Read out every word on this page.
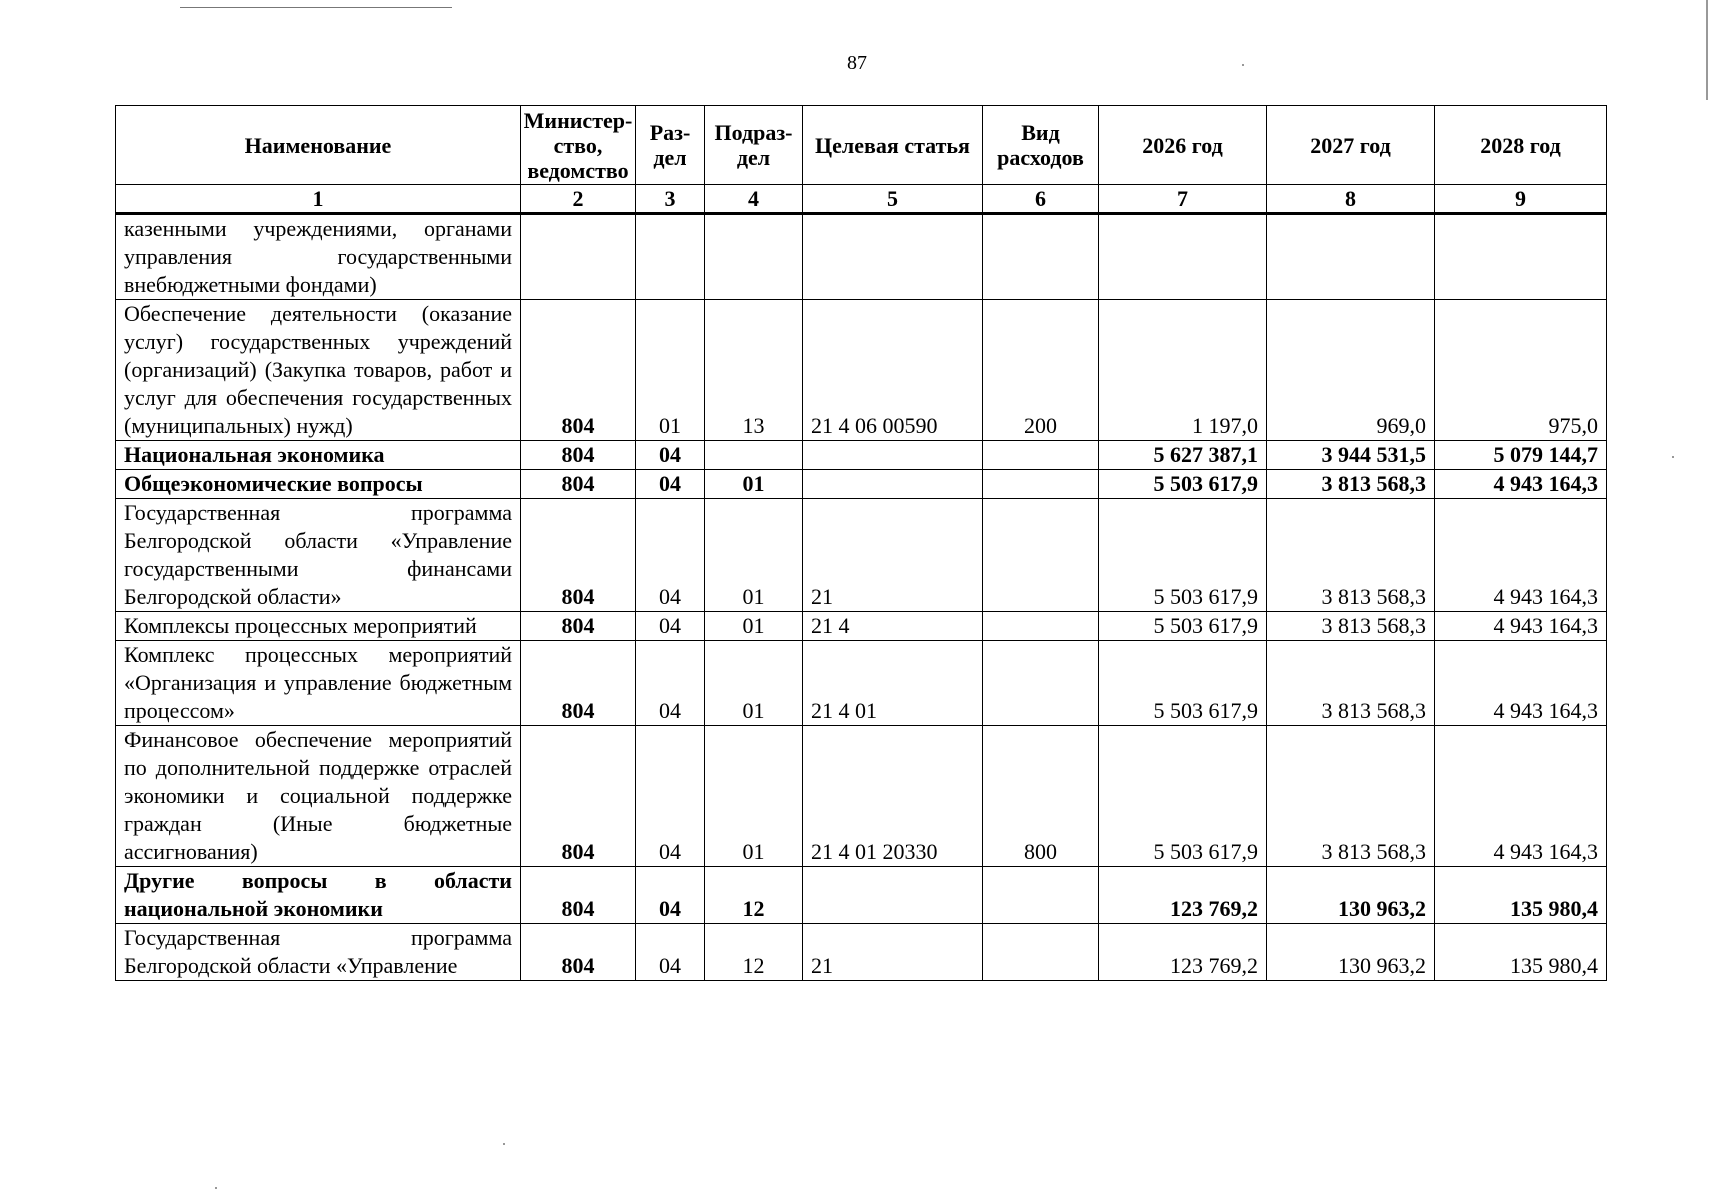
87
Наименование	Министер-ство, ведомство	Раз-дел	Подраз-дел	Целевая статья	Вид расходов	2026 год	2027 год	2028 год
1	2	3	4	5	6	7	8	9
казенными учреждениями, органами управления государственными внебюджетными фондами)								
Обеспечение деятельности (оказание услуг) государственных учреждений (организаций) (Закупка товаров, работ и услуг для обеспечения государственных (муниципальных) нужд)	804	01	13	21 4 06 00590	200	1 197,0	969,0	975,0
Национальная экономика	804	04				5 627 387,1	3 944 531,5	5 079 144,7
Общеэкономические вопросы	804	04	01			5 503 617,9	3 813 568,3	4 943 164,3
Государственная программа Белгородской области «Управление государственными финансами Белгородской области»	804	04	01	21		5 503 617,9	3 813 568,3	4 943 164,3
Комплексы процессных мероприятий	804	04	01	21 4		5 503 617,9	3 813 568,3	4 943 164,3
Комплекс процессных мероприятий «Организация и управление бюджетным процессом»	804	04	01	21 4 01		5 503 617,9	3 813 568,3	4 943 164,3
Финансовое обеспечение мероприятий по дополнительной поддержке отраслей экономики и социальной поддержке граждан (Иные бюджетные ассигнования)	804	04	01	21 4 01 20330	800	5 503 617,9	3 813 568,3	4 943 164,3
Другие вопросы в области национальной экономики	804	04	12			123 769,2	130 963,2	135 980,4
Государственная программа Белгородской области «Управление	804	04	12	21		123 769,2	130 963,2	135 980,4
